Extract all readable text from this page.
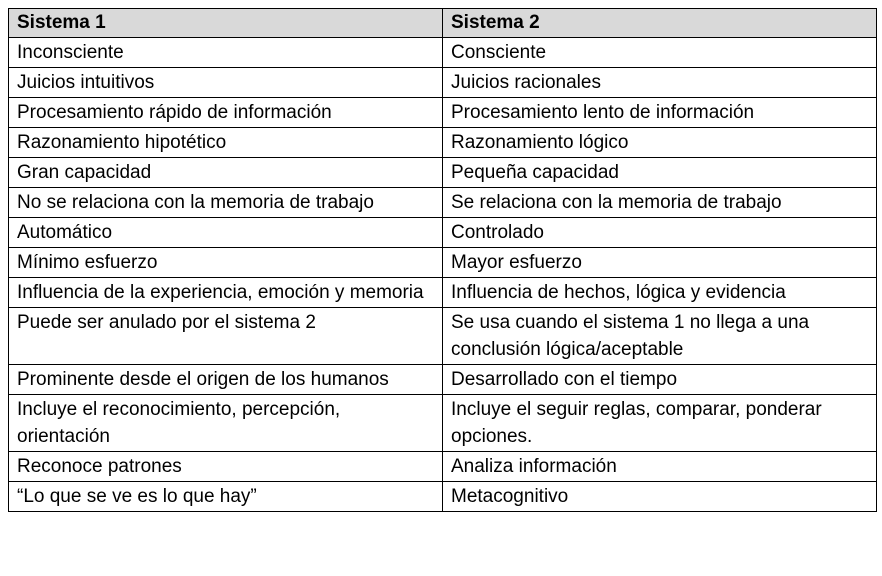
Sistema 1	Sistema 2
Inconsciente	Consciente
Juicios intuitivos	Juicios racionales
Procesamiento rápido de información	Procesamiento lento de información
Razonamiento hipotético	Razonamiento lógico
Gran capacidad	Pequeña capacidad
No se relaciona con la memoria de trabajo	Se relaciona con la memoria de trabajo
Automático	Controlado
Mínimo esfuerzo	Mayor esfuerzo
Influencia de la experiencia, emoción y memoria	Influencia de hechos, lógica y evidencia
Puede ser anulado por el sistema 2	Se usa cuando el sistema 1 no llega a una conclusión lógica/aceptable
Prominente desde el origen de los humanos	Desarrollado con el tiempo
Incluye el reconocimiento, percepción, orientación	Incluye el seguir reglas, comparar, ponderar opciones.
Reconoce patrones	Analiza información
“Lo que se ve es lo que hay”	Metacognitivo
